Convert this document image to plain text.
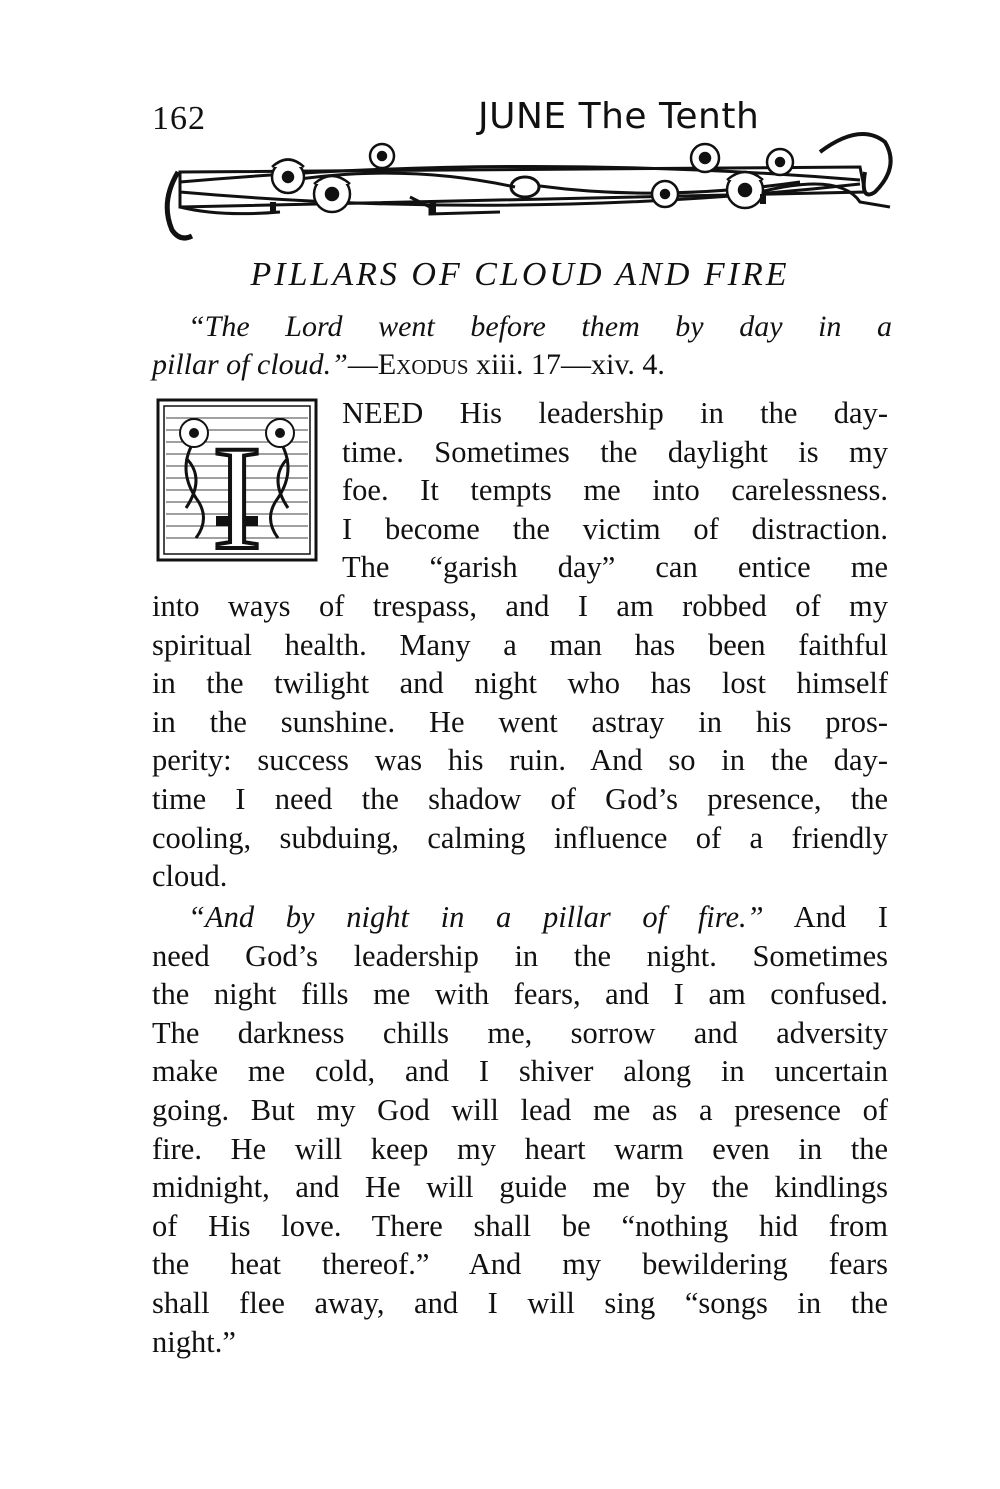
162	JUNE The Tenth
PILLARS OF CLOUD AND FIRE
“The Lord went before them by day in a
pillar of cloud.”—Exodus xiii. 17—xiv. 4.
I
NEED His leadership in the day-
time. Sometimes the daylight is my
foe. It tempts me into carelessness.
I become the victim of distraction.
The “garish day” can entice me
into ways of trespass, and I am robbed of my
spiritual health. Many a man has been faithful
in the twilight and night who has lost himself
in the sunshine. He went astray in his pros-
perity: success was his ruin. And so in the day-
time I need the shadow of God’s presence, the
cooling, subduing, calming influence of a friendly
cloud.
“And by night in a pillar of fire.” And I
need God’s leadership in the night. Sometimes
the night fills me with fears, and I am confused.
The darkness chills me, sorrow and adversity
make me cold, and I shiver along in uncertain
going. But my God will lead me as a presence of
fire. He will keep my heart warm even in the
midnight, and He will guide me by the kindlings
of His love. There shall be “nothing hid from
the heat thereof.” And my bewildering fears
shall flee away, and I will sing “songs in the
night.”
